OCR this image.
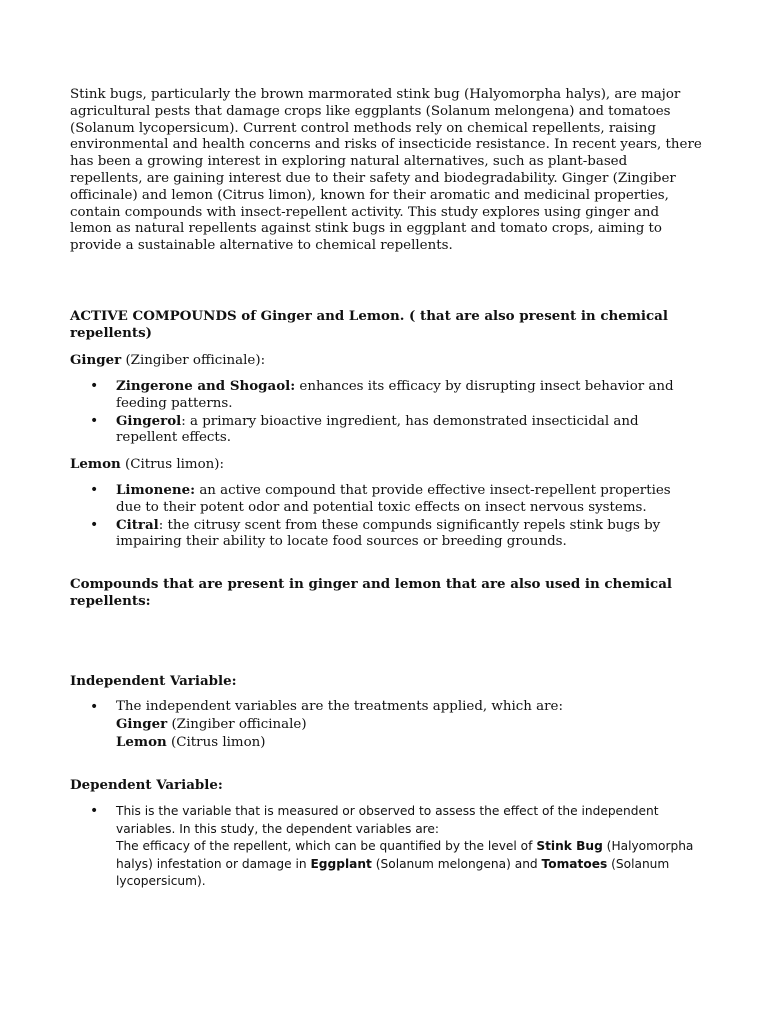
Stink bugs, particularly the brown marmorated stink bug (Halyomorpha halys), are major agricultural pests that damage crops like eggplants (Solanum melongena) and tomatoes (Solanum lycopersicum). Current control methods rely on chemical repellents, raising environmental and health concerns and risks of insecticide resistance. In recent years, there has been a growing interest in exploring natural alternatives, such as plant-based repellents, are gaining interest due to their safety and biodegradability. Ginger (Zingiber officinale) and lemon (Citrus limon), known for their aromatic and medicinal properties, contain compounds with insect-repellent activity. This study explores using ginger and lemon as natural repellents against stink bugs in eggplant and tomato crops, aiming to provide a sustainable alternative to chemical repellents.

ACTIVE COMPOUNDS of Ginger and Lemon. ( that are also present in chemical repellents)

Ginger (Zingiber officinale):

• Zingerone and Shogaol: enhances its efficacy by disrupting insect behavior and feeding patterns.
• Gingerol: a primary bioactive ingredient, has demonstrated insecticidal and repellent effects.

Lemon (Citrus limon):

• Limonene: an active compound that provide effective insect-repellent properties due to their potent odor and potential toxic effects on insect nervous systems.
• Citral: the citrusy scent from these compunds significantly repels stink bugs by impairing their ability to locate food sources or breeding grounds.

Compounds that are present in ginger and lemon that are also used in chemical repellents:

Independent Variable:

• The independent variables are the treatments applied, which are:
Ginger (Zingiber officinale)
Lemon (Citrus limon)

Dependent Variable:

• This is the variable that is measured or observed to assess the effect of the independent variables. In this study, the dependent variables are:
The efficacy of the repellent, which can be quantified by the level of Stink Bug (Halyomorpha halys) infestation or damage in Eggplant (Solanum melongena) and Tomatoes (Solanum lycopersicum).
